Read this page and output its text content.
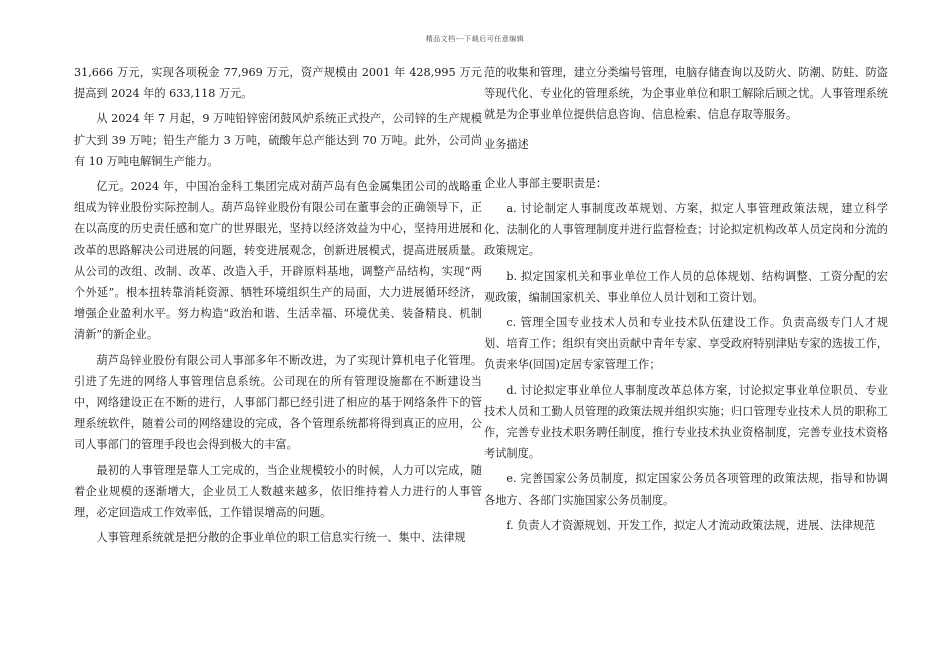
精品文档---下载后可任意编辑

31,666 万元，实现各项税金 77,969 万元，资产规模由 2001 年 428,995 万元提高到 2024 年的 633,118 万元。

从 2024 年 7 月起，9 万吨铅锌密闭鼓风炉系统正式投产，公司锌的生产规模扩大到 39 万吨；铅生产能力 3 万吨，硫酸年总产能达到 70 万吨。此外，公司尚有 10 万吨电解铜生产能力。

亿元。2024 年，中国冶金科工集团完成对葫芦岛有色金属集团公司的战略重组成为锌业股份实际控制人。葫芦岛锌业股份有限公司在董事会的正确领导下，正在以高度的历史责任感和宽广的世界眼光，坚持以经济效益为中心，坚持用进展和改革的思路解决公司进展的问题，转变进展观念，创新进展模式，提高进展质量。从公司的改组、改制、改革、改造入手，开辟原料基地，调整产品结构，实现“两个外延”。根本扭转靠消耗资源、牺牲环境组织生产的局面，大力进展循环经济，增强企业盈利水平。努力构造“政治和谐、生活幸福、环境优美、装备精良、机制清新”的新企业。

葫芦岛锌业股份有限公司人事部多年不断改进，为了实现计算机电子化管理。引进了先进的网络人事管理信息系统。公司现在的所有管理设施都在不断建设当中，网络建设正在不断的进行，人事部门都已经引进了相应的基于网络条件下的管理系统软件，随着公司的网络建设的完成，各个管理系统都将得到真正的应用，公司人事部门的管理手段也会得到极大的丰富。

最初的人事管理是靠人工完成的，当企业规模较小的时候，人力可以完成，随着企业规模的逐渐增大，企业员工人数越来越多，依旧维持着人力进行的人事管理，必定回造成工作效率低，工作错误增高的问题。

人事管理系统就是把分散的企事业单位的职工信息实行统一、集中、法律规

范的收集和管理，建立分类编号管理，电脑存储查询以及防火、防潮、防蛀、防盗等现代化、专业化的管理系统，为企事业单位和职工解除后顾之忧。人事管理系统就是为企事业单位提供信息咨询、信息检索、信息存取等服务。

业务描述

企业人事部主要职责是：

a. 讨论制定人事制度改革规划、方案，拟定人事管理政策法规，建立科学化、法制化的人事管理制度并进行监督检查；讨论拟定机构改革人员定岗和分流的政策规定。

b. 拟定国家机关和事业单位工作人员的总体规划、结构调整、工资分配的宏观政策，编制国家机关、事业单位人员计划和工资计划。

c. 管理全国专业技术人员和专业技术队伍建设工作。负责高级专门人才规划、培育工作；组织有突出贡献中青年专家、享受政府特别津贴专家的选拔工作，负责来华(回国)定居专家管理工作；

d. 讨论拟定事业单位人事制度改革总体方案，讨论拟定事业单位职员、专业技术人员和工勤人员管理的政策法规并组织实施；归口管理专业技术人员的职称工作，完善专业技术职务聘任制度，推行专业技术执业资格制度，完善专业技术资格考试制度。

e. 完善国家公务员制度，拟定国家公务员各项管理的政策法规，指导和协调各地方、各部门实施国家公务员制度。

f. 负责人才资源规划、开发工作，拟定人才流动政策法规，进展、法律规范
